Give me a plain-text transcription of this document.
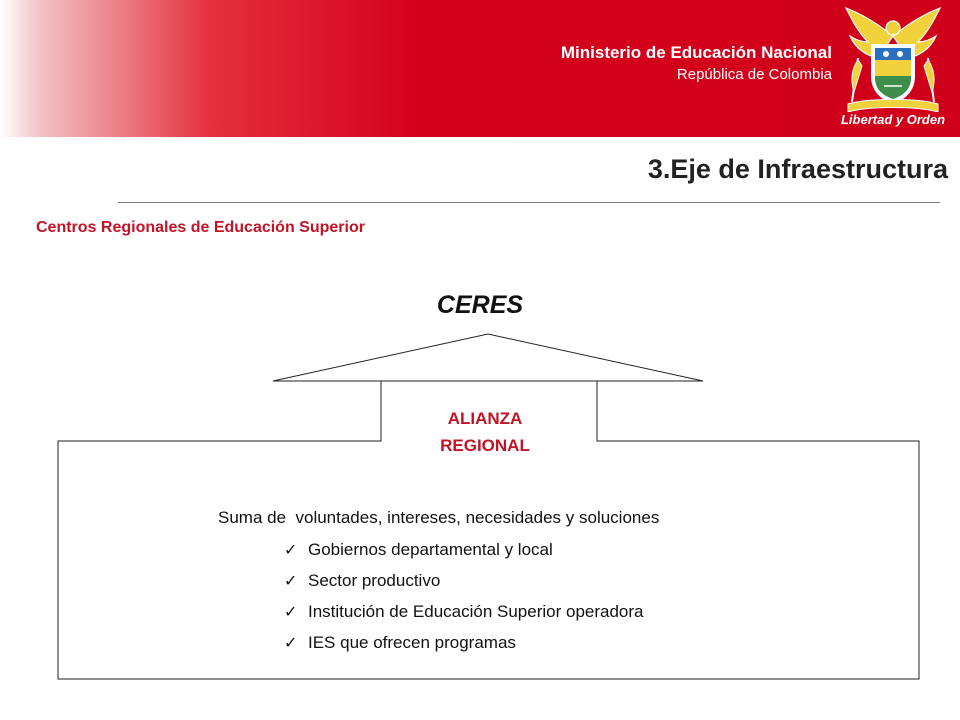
Ministerio de Educación Nacional
República de Colombia
Libertad y Orden
3.Eje de Infraestructura
Centros Regionales de Educación Superior
CERES
ALIANZA
REGIONAL
Suma de  voluntades, intereses, necesidades y soluciones
✓ Gobiernos departamental y local
✓ Sector productivo
✓ Institución de Educación Superior operadora
✓ IES que ofrecen programas
